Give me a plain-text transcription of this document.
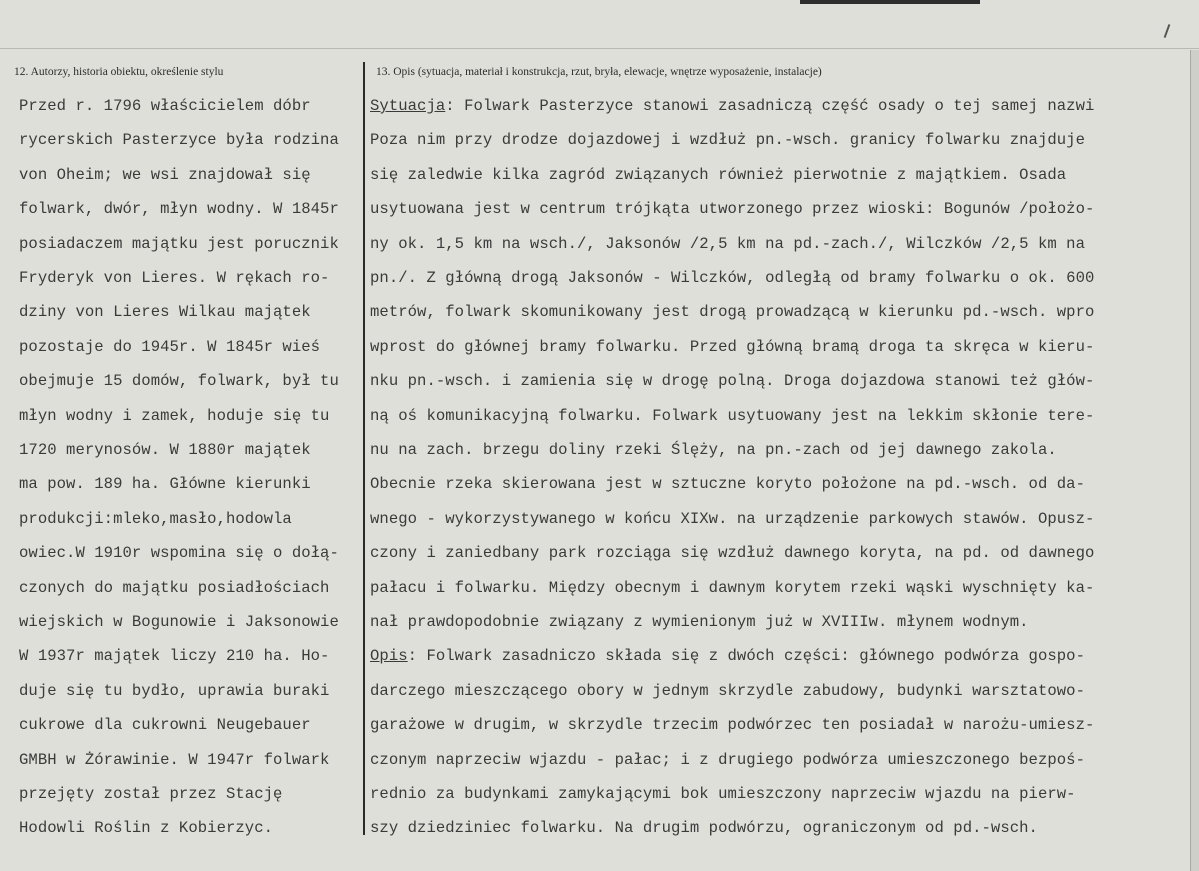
12. Autorzy, historia obiektu, określenie stylu	13. Opis (sytuacja, materiał i konstrukcja, rzut, bryła, elewacje, wnętrze wyposażenie, instalacje)
Przed r. 1796 właścicielem dóbr
rycerskich Pasterzyce była rodzina
von Oheim; we wsi znajdował się
folwark, dwór, młyn wodny. W 1845r
posiadaczem majątku jest porucznik
Fryderyk von Lieres. W rękach ro-
dziny von Lieres Wilkau majątek
pozostaje do 1945r. W 1845r wieś
obejmuje 15 domów, folwark, był tu
młyn wodny i zamek, hoduje się tu
1720 merynosów. W 1880r majątek
ma pow. 189 ha. Główne kierunki
produkcji:mleko,masło,hodowla
owiec.W 1910r wspomina się o dołą-
czonych do majątku posiadłościach
wiejskich w Bogunowie i Jaksonowie
W 1937r majątek liczy 210 ha. Ho-
duje się tu bydło, uprawia buraki
cukrowe dla cukrowni Neugebauer
GMBH w Żórawinie. W 1947r folwark
przejęty został przez Stację
Hodowli Roślin z Kobierzyc.
Sytuacja: Folwark Pasterzyce stanowi zasadniczą część osady o tej samej nazwi
Poza nim przy drodze dojazdowej i wzdłuż pn.-wsch. granicy folwarku znajduje
się zaledwie kilka zagród związanych również pierwotnie z majątkiem. Osada
usytuowana jest w centrum trójkąta utworzonego przez wioski: Bogunów /położo-
ny ok. 1,5 km na wsch./, Jaksonów /2,5 km na pd.-zach./, Wilczków /2,5 km na
pn./. Z główną drogą Jaksonów - Wilczków, odległą od bramy folwarku o ok. 600
metrów, folwark skomunikowany jest drogą prowadzącą w kierunku pd.-wsch. wpro
wprost do głównej bramy folwarku. Przed główną bramą droga ta skręca w kieru-
nku pn.-wsch. i zamienia się w drogę polną. Droga dojazdowa stanowi też głów-
ną oś komunikacyjną folwarku. Folwark usytuowany jest na lekkim skłonie tere-
nu na zach. brzegu doliny rzeki Ślęży, na pn.-zach od jej dawnego zakola.
Obecnie rzeka skierowana jest w sztuczne koryto położone na pd.-wsch. od da-
wnego - wykorzystywanego w końcu XIXw. na urządzenie parkowych stawów. Opusz-
czony i zaniedbany park rozciąga się wzdłuż dawnego koryta, na pd. od dawnego
pałacu i folwarku. Między obecnym i dawnym korytem rzeki wąski wyschnięty ka-
nał prawdopodobnie związany z wymienionym już w XVIIIw. młynem wodnym.
Opis: Folwark zasadniczo składa się z dwóch części: głównego podwórza gospo-
darczego mieszczącego obory w jednym skrzydle zabudowy, budynki warsztatowo-
garażowe w drugim, w skrzydle trzecim podwórzec ten posiadał w narożu-umiesz-
czonym naprzeciw wjazdu - pałac; i z drugiego podwórza umieszczonego bezpoś-
rednio za budynkami zamykającymi bok umieszczony naprzeciw wjazdu na pierw-
szy dziedziniec folwarku. Na drugim podwórzu, ograniczonym od pd.-wsch.
